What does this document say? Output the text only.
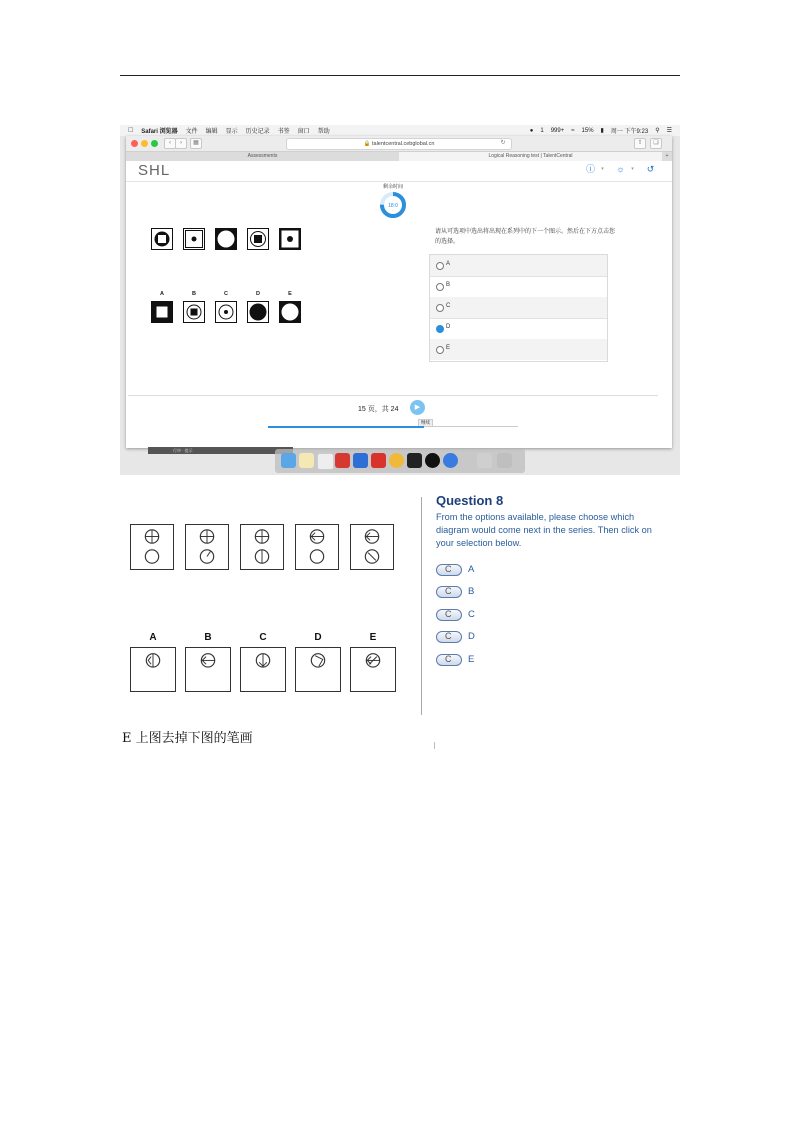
Safari 浏览器 文件 编辑 显示 历史记录 书签 窗口 帮助	● 1 999+ ≈ 15% ▮ 周一 下午9:23 ⚲ ☰
‹	›	▦	🔒 talentcentral.cebglobal.cn	↻	⇧	❏
Assessments	Logical Reasoning test | TalentCentral	+
SHL	ⓘ	▾	☼	▾	↺
剩余时间
18:0
A	B	C	D	E
请从可选项中选出将出现在系列中的下一个图示。然后在下方点击您的选择。
A
B
C
D
E
15 页，共 24	▶
继续
行审 · 提示
A	B	C	D	E
Question 8
From the options available, please choose which diagram would come next in the series. Then click on your selection below.
C A
C B
C C
C D
C E
E 上图去掉下图的笔画
